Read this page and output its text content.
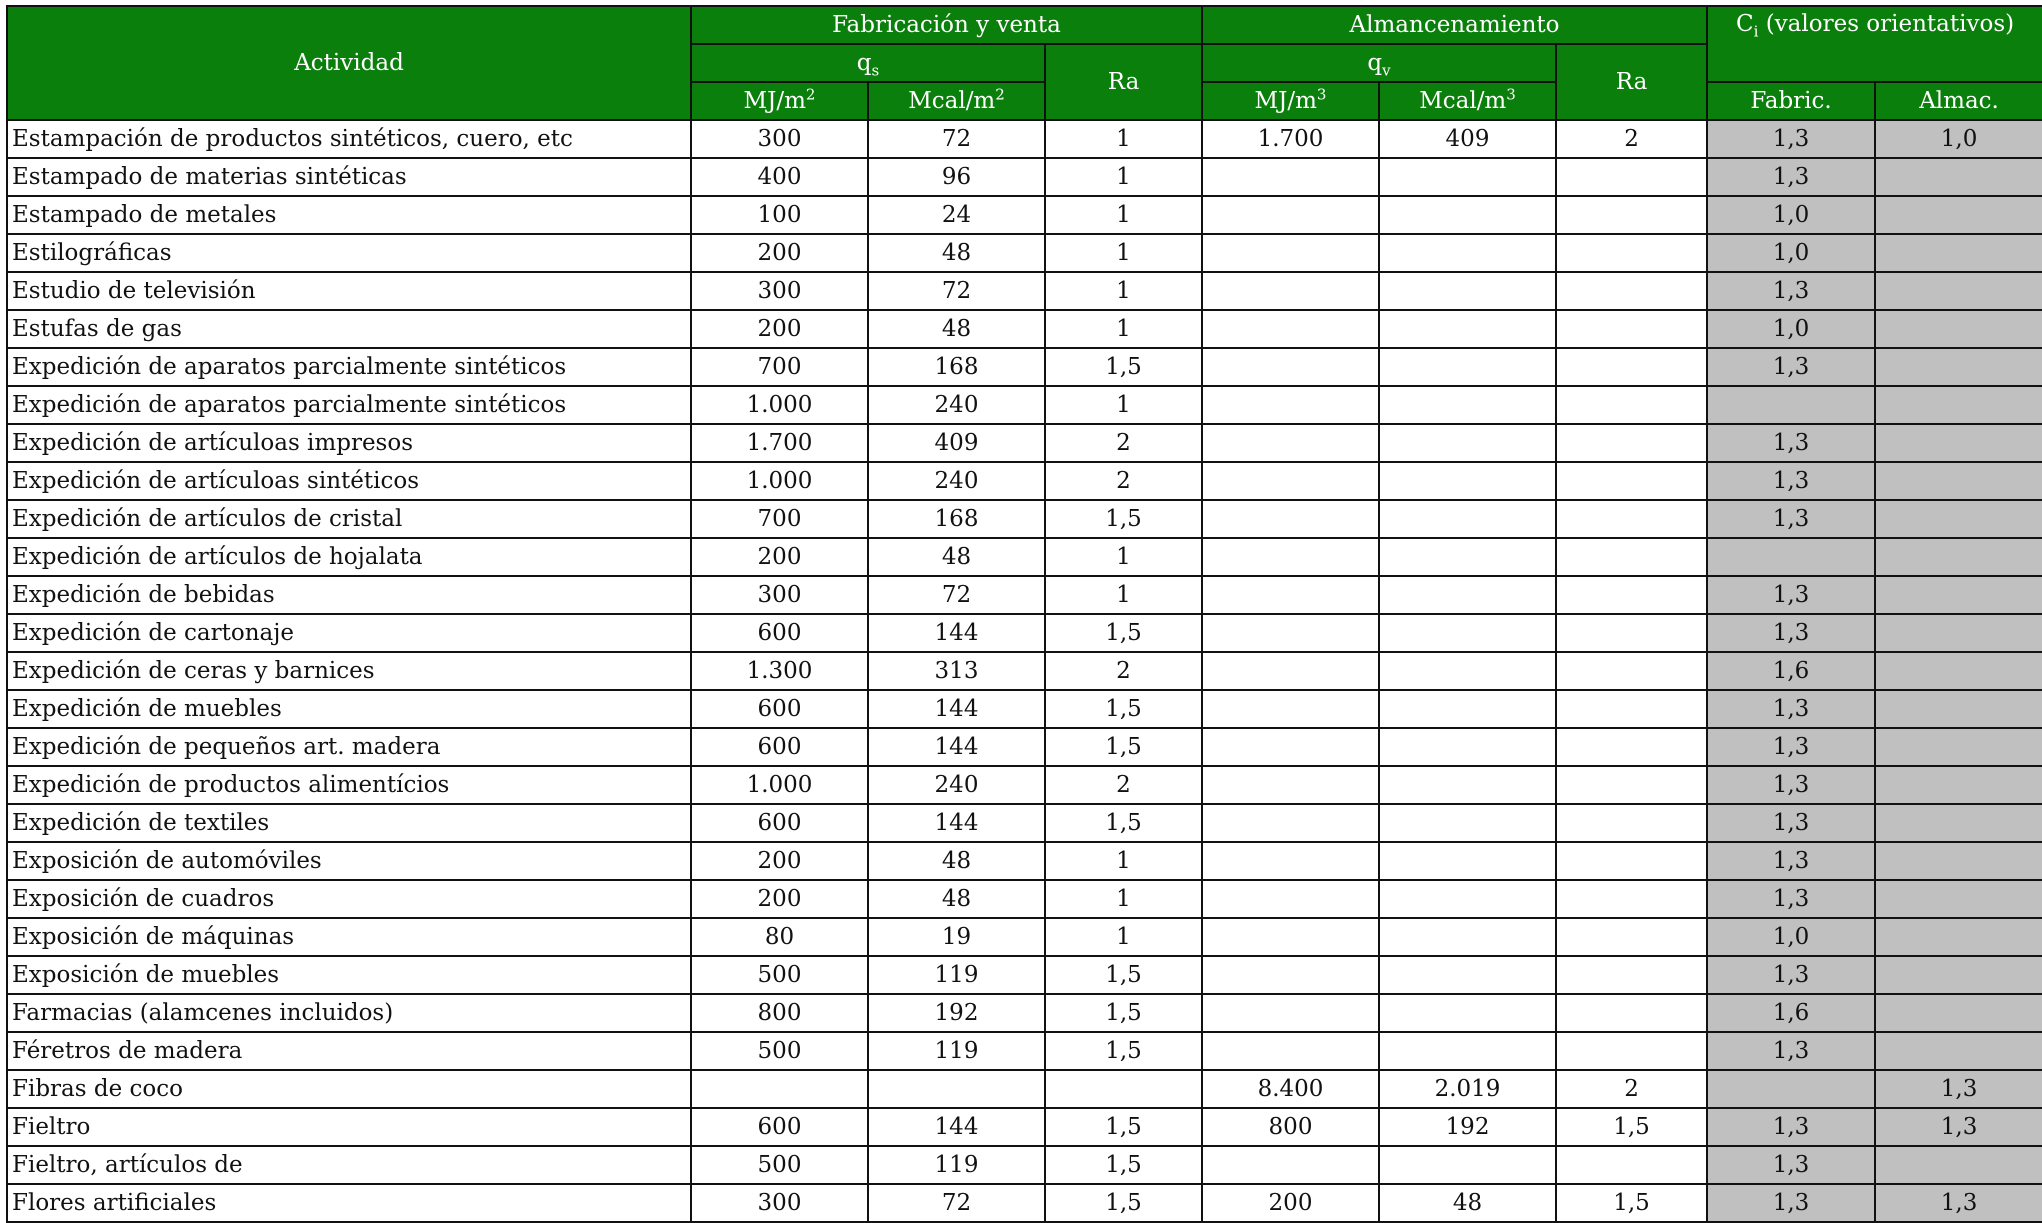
Actividad	Fabricación y venta			Almancenamiento			$C_i$ (valores orientativos)	
	$q_s$		Ra	$q_v$		Ra		
	$MJ/m^2$	Mcal/$m^2$		$MJ/m^3$	Mcal/$m^3$		Fabric.	Almac.
Estampación de productos sintéticos, cuero, etc	300	72	1	1.700	409	2	1,3	1,0
Estampado de materias sintéticas	400	96	1				1,3	
Estampado de metales	100	24	1				1,0	
Estilográficas	200	48	1				1,0	
Estudio de televisión	300	72	1				1,3	
Estufas de gas	200	48	1				1,0	
Expedición de aparatos parcialmente sintéticos	700	168	1,5				1,3	
Expedición de aparatos parcialmente sintéticos	1.000	240	1					
Expedición de artículoas impresos	1.700	409	2				1,3	
Expedición de artículoas sintéticos	1.000	240	2				1,3	
Expedición de artículos de cristal	700	168	1,5				1,3	
Expedición de artículos de hojalata	200	48	1					
Expedición de bebidas	300	72	1				1,3	
Expedición de cartonaje	600	144	1,5				1,3	
Expedición de ceras y barnices	1.300	313	2				1,6	
Expedición de muebles	600	144	1,5				1,3	
Expedición de pequeños art. madera	600	144	1,5				1,3	
Expedición de productos alimentícios	1.000	240	2				1,3	
Expedición de textiles	600	144	1,5				1,3	
Exposición de automóviles	200	48	1				1,3	
Exposición de cuadros	200	48	1				1,3	
Exposición de máquinas	80	19	1				1,0	
Exposición de muebles	500	119	1,5				1,3	
Farmacias (alamcenes incluidos)	800	192	1,5				1,6	
Féretros de madera	500	119	1,5				1,3	
Fibras de coco				8.400	2.019	2		1,3
Fieltro	600	144	1,5	800	192	1,5	1,3	1,3
Fieltro, artículos de	500	119	1,5				1,3	
Flores artificiales	300	72	1,5	200	48	1,5	1,3	1,3
